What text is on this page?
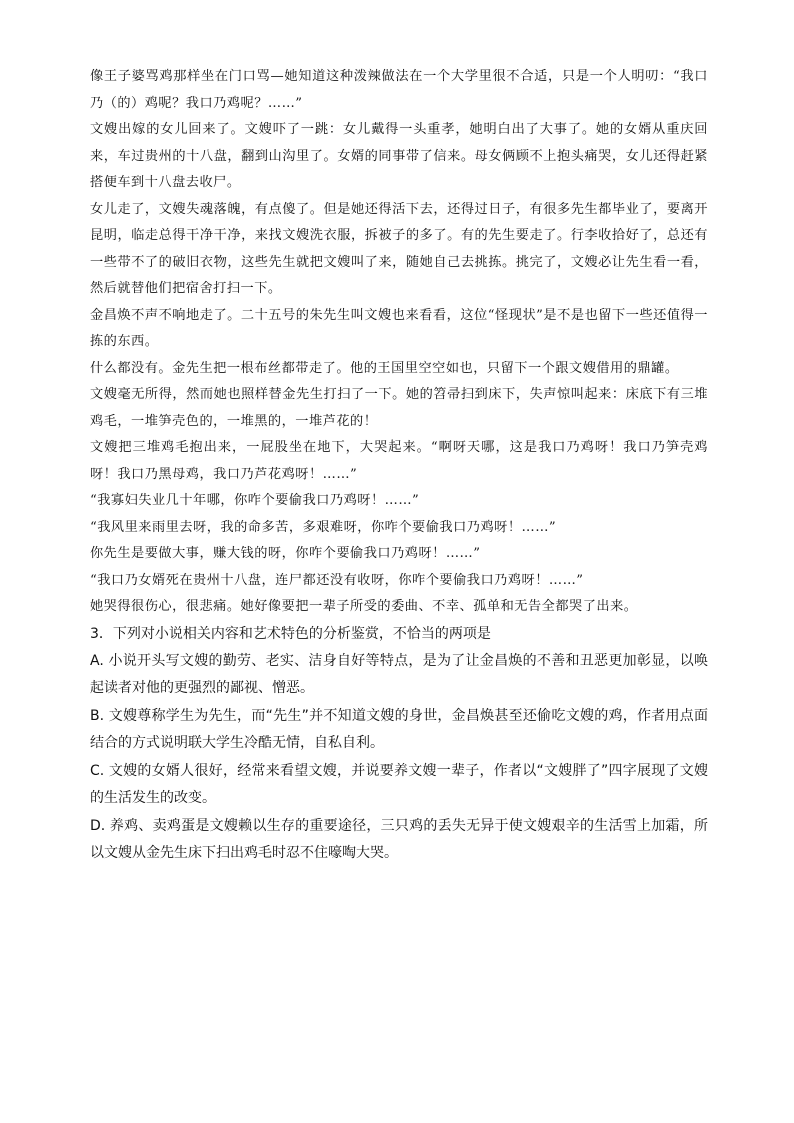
像王子婆骂鸡那样坐在门口骂—她知道这种泼辣做法在一个大学里很不合适，只是一个人明叨：“我口乃（的）鸡呢？我口乃鸡呢？……”

文嫂出嫁的女儿回来了。文嫂吓了一跳：女儿戴得一头重孝，她明白出了大事了。她的女婿从重庆回来，车过贵州的十八盘，翻到山沟里了。女婿的同事带了信来。母女俩顾不上抱头痛哭，女儿还得赶紧搭便车到十八盘去收尸。

女儿走了，文嫂失魂落魄，有点傻了。但是她还得活下去，还得过日子，有很多先生都毕业了，要离开昆明，临走总得干净干净，来找文嫂洗衣服，拆被子的多了。有的先生要走了。行李收拾好了，总还有一些带不了的破旧衣物，这些先生就把文嫂叫了来，随她自己去挑拣。挑完了，文嫂必让先生看一看，然后就替他们把宿舍打扫一下。

金昌焕不声不响地走了。二十五号的朱先生叫文嫂也来看看，这位“怪现状”是不是也留下一些还值得一拣的东西。

什么都没有。金先生把一根布丝都带走了。他的王国里空空如也，只留下一个跟文嫂借用的鼎罐。

文嫂毫无所得，然而她也照样替金先生打扫了一下。她的笤帚扫到床下，失声惊叫起来：床底下有三堆鸡毛，一堆笋壳色的，一堆黑的，一堆芦花的！

文嫂把三堆鸡毛抱出来，一屁股坐在地下，大哭起来。“啊呀天哪，这是我口乃鸡呀！我口乃笋壳鸡呀！我口乃黑母鸡，我口乃芦花鸡呀！……”

“我寡妇失业几十年哪，你咋个要偷我口乃鸡呀！……”

“我风里来雨里去呀，我的命多苦，多艰难呀，你咋个要偷我口乃鸡呀！……”

你先生是要做大事，赚大钱的呀，你咋个要偷我口乃鸡呀！……”

“我口乃女婿死在贵州十八盘，连尸都还没有收呀，你咋个要偷我口乃鸡呀！……”

她哭得很伤心，很悲痛。她好像要把一辈子所受的委曲、不幸、孤单和无告全都哭了出来。

3．下列对小说相关内容和艺术特色的分析鉴赏，不恰当的两项是

A. 小说开头写文嫂的勤劳、老实、洁身自好等特点，是为了让金昌焕的不善和丑恶更加彰显，以唤起读者对他的更强烈的鄙视、憎恶。

B. 文嫂尊称学生为先生，而“先生”并不知道文嫂的身世，金昌焕甚至还偷吃文嫂的鸡，作者用点面结合的方式说明联大学生冷酷无情，自私自利。

C. 文嫂的女婿人很好，经常来看望文嫂，并说要养文嫂一辈子，作者以“文嫂胖了”四字展现了文嫂的生活发生的改变。

D. 养鸡、卖鸡蛋是文嫂赖以生存的重要途径，三只鸡的丢失无异于使文嫂艰辛的生活雪上加霜，所以文嫂从金先生床下扫出鸡毛时忍不住嚎啕大哭。
